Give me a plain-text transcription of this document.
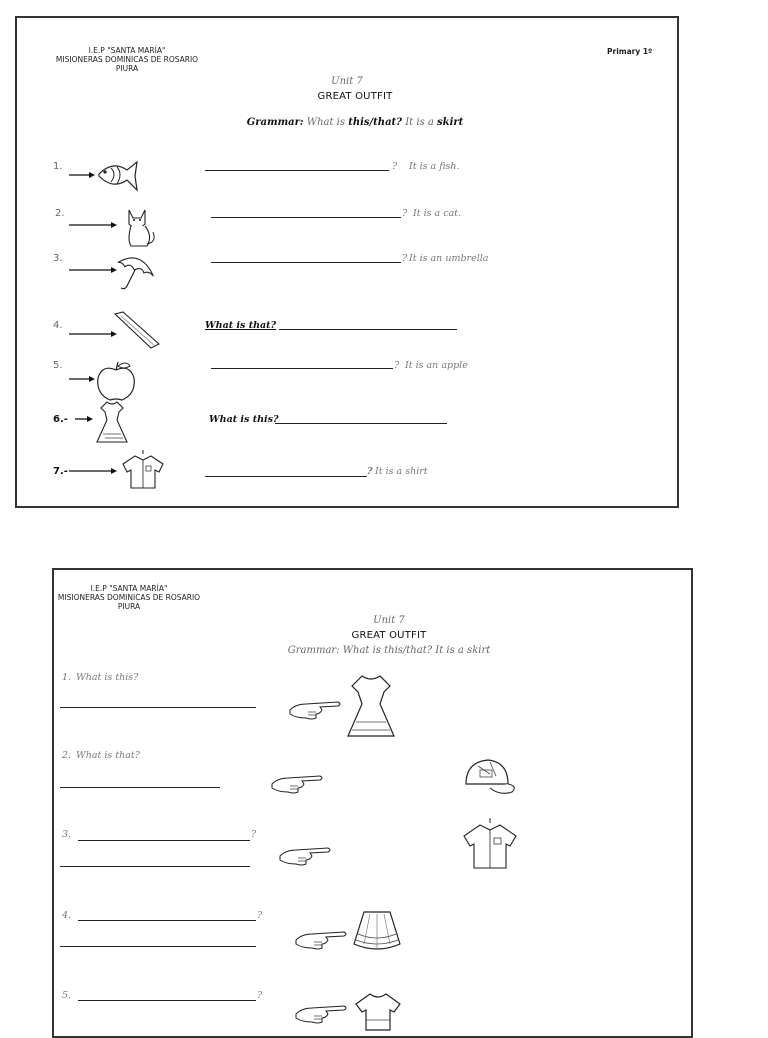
I.E.P "SANTA MARÍA"
MISIONERAS DOMINICAS DE ROSARIO
PIURA
Primary 1º
Unit 7
GREAT OUTFIT
Grammar: What is this/that? It is a skirt
1.	? It is a fish.
2.	? It is a cat.
3.	? It is an umbrella
4.	What is that?
5.	? It is an apple
6.-	What is this?
7.-	? It is a shirt
I.E.P "SANTA MARÍA"
MISIONERAS DOMINICAS DE ROSARIO
PIURA
Unit 7
GREAT OUTFIT
Grammar: What is this/that? It is a skirt
1. What is this?
2. What is that?
3.	?
4.	?
5.	?
